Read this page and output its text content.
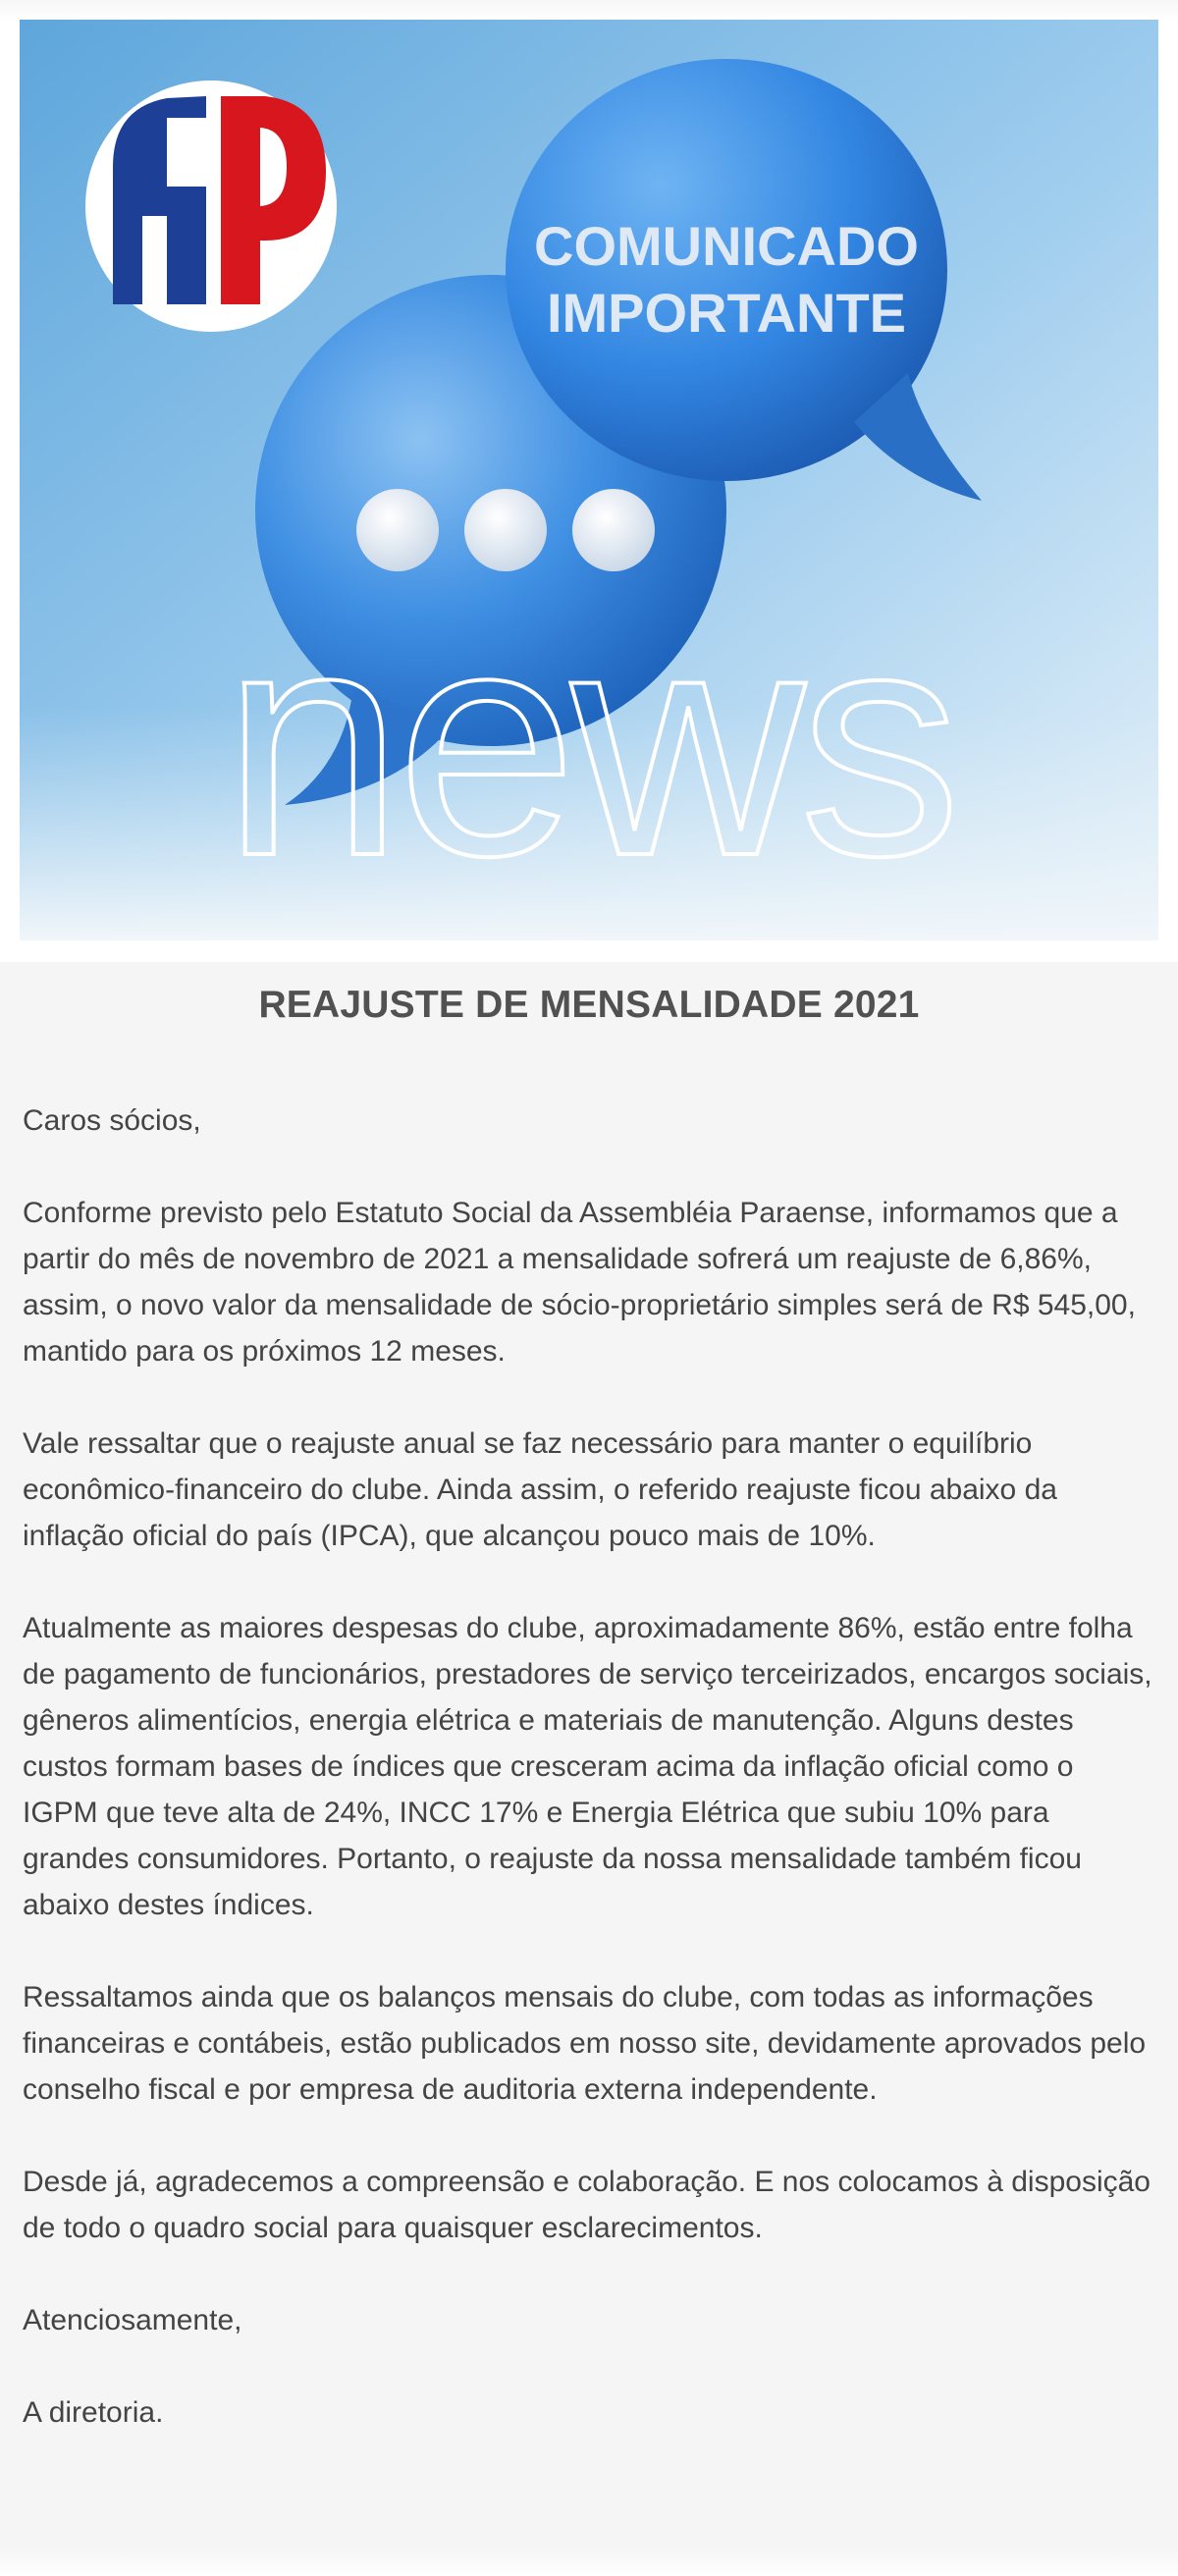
COMUNICADO
IMPORTANTE
news
REAJUSTE DE MENSALIDADE 2021

Caros sócios,

Conforme previsto pelo Estatuto Social da Assembléia Paraense, informamos que a partir do mês de novembro de 2021 a mensalidade sofrerá um reajuste de 6,86%, assim, o novo valor da mensalidade de sócio-proprietário simples será de R$ 545,00, mantido para os próximos 12 meses.

Vale ressaltar que o reajuste anual se faz necessário para manter o equilíbrio econômico-financeiro do clube. Ainda assim, o referido reajuste ficou abaixo da inflação oficial do país (IPCA), que alcançou pouco mais de 10%.

Atualmente as maiores despesas do clube, aproximadamente 86%, estão entre folha de pagamento de funcionários, prestadores de serviço terceirizados, encargos sociais, gêneros alimentícios, energia elétrica e materiais de manutenção. Alguns destes custos formam bases de índices que cresceram acima da inflação oficial como o IGPM que teve alta de 24%, INCC 17% e Energia Elétrica que subiu 10% para grandes consumidores. Portanto, o reajuste da nossa mensalidade também ficou abaixo destes índices.

Ressaltamos ainda que os balanços mensais do clube, com todas as informações financeiras e contábeis, estão publicados em nosso site, devidamente aprovados pelo conselho fiscal e por empresa de auditoria externa independente.

Desde já, agradecemos a compreensão e colaboração. E nos colocamos à disposição de todo o quadro social para quaisquer esclarecimentos.

Atenciosamente,

A diretoria.
